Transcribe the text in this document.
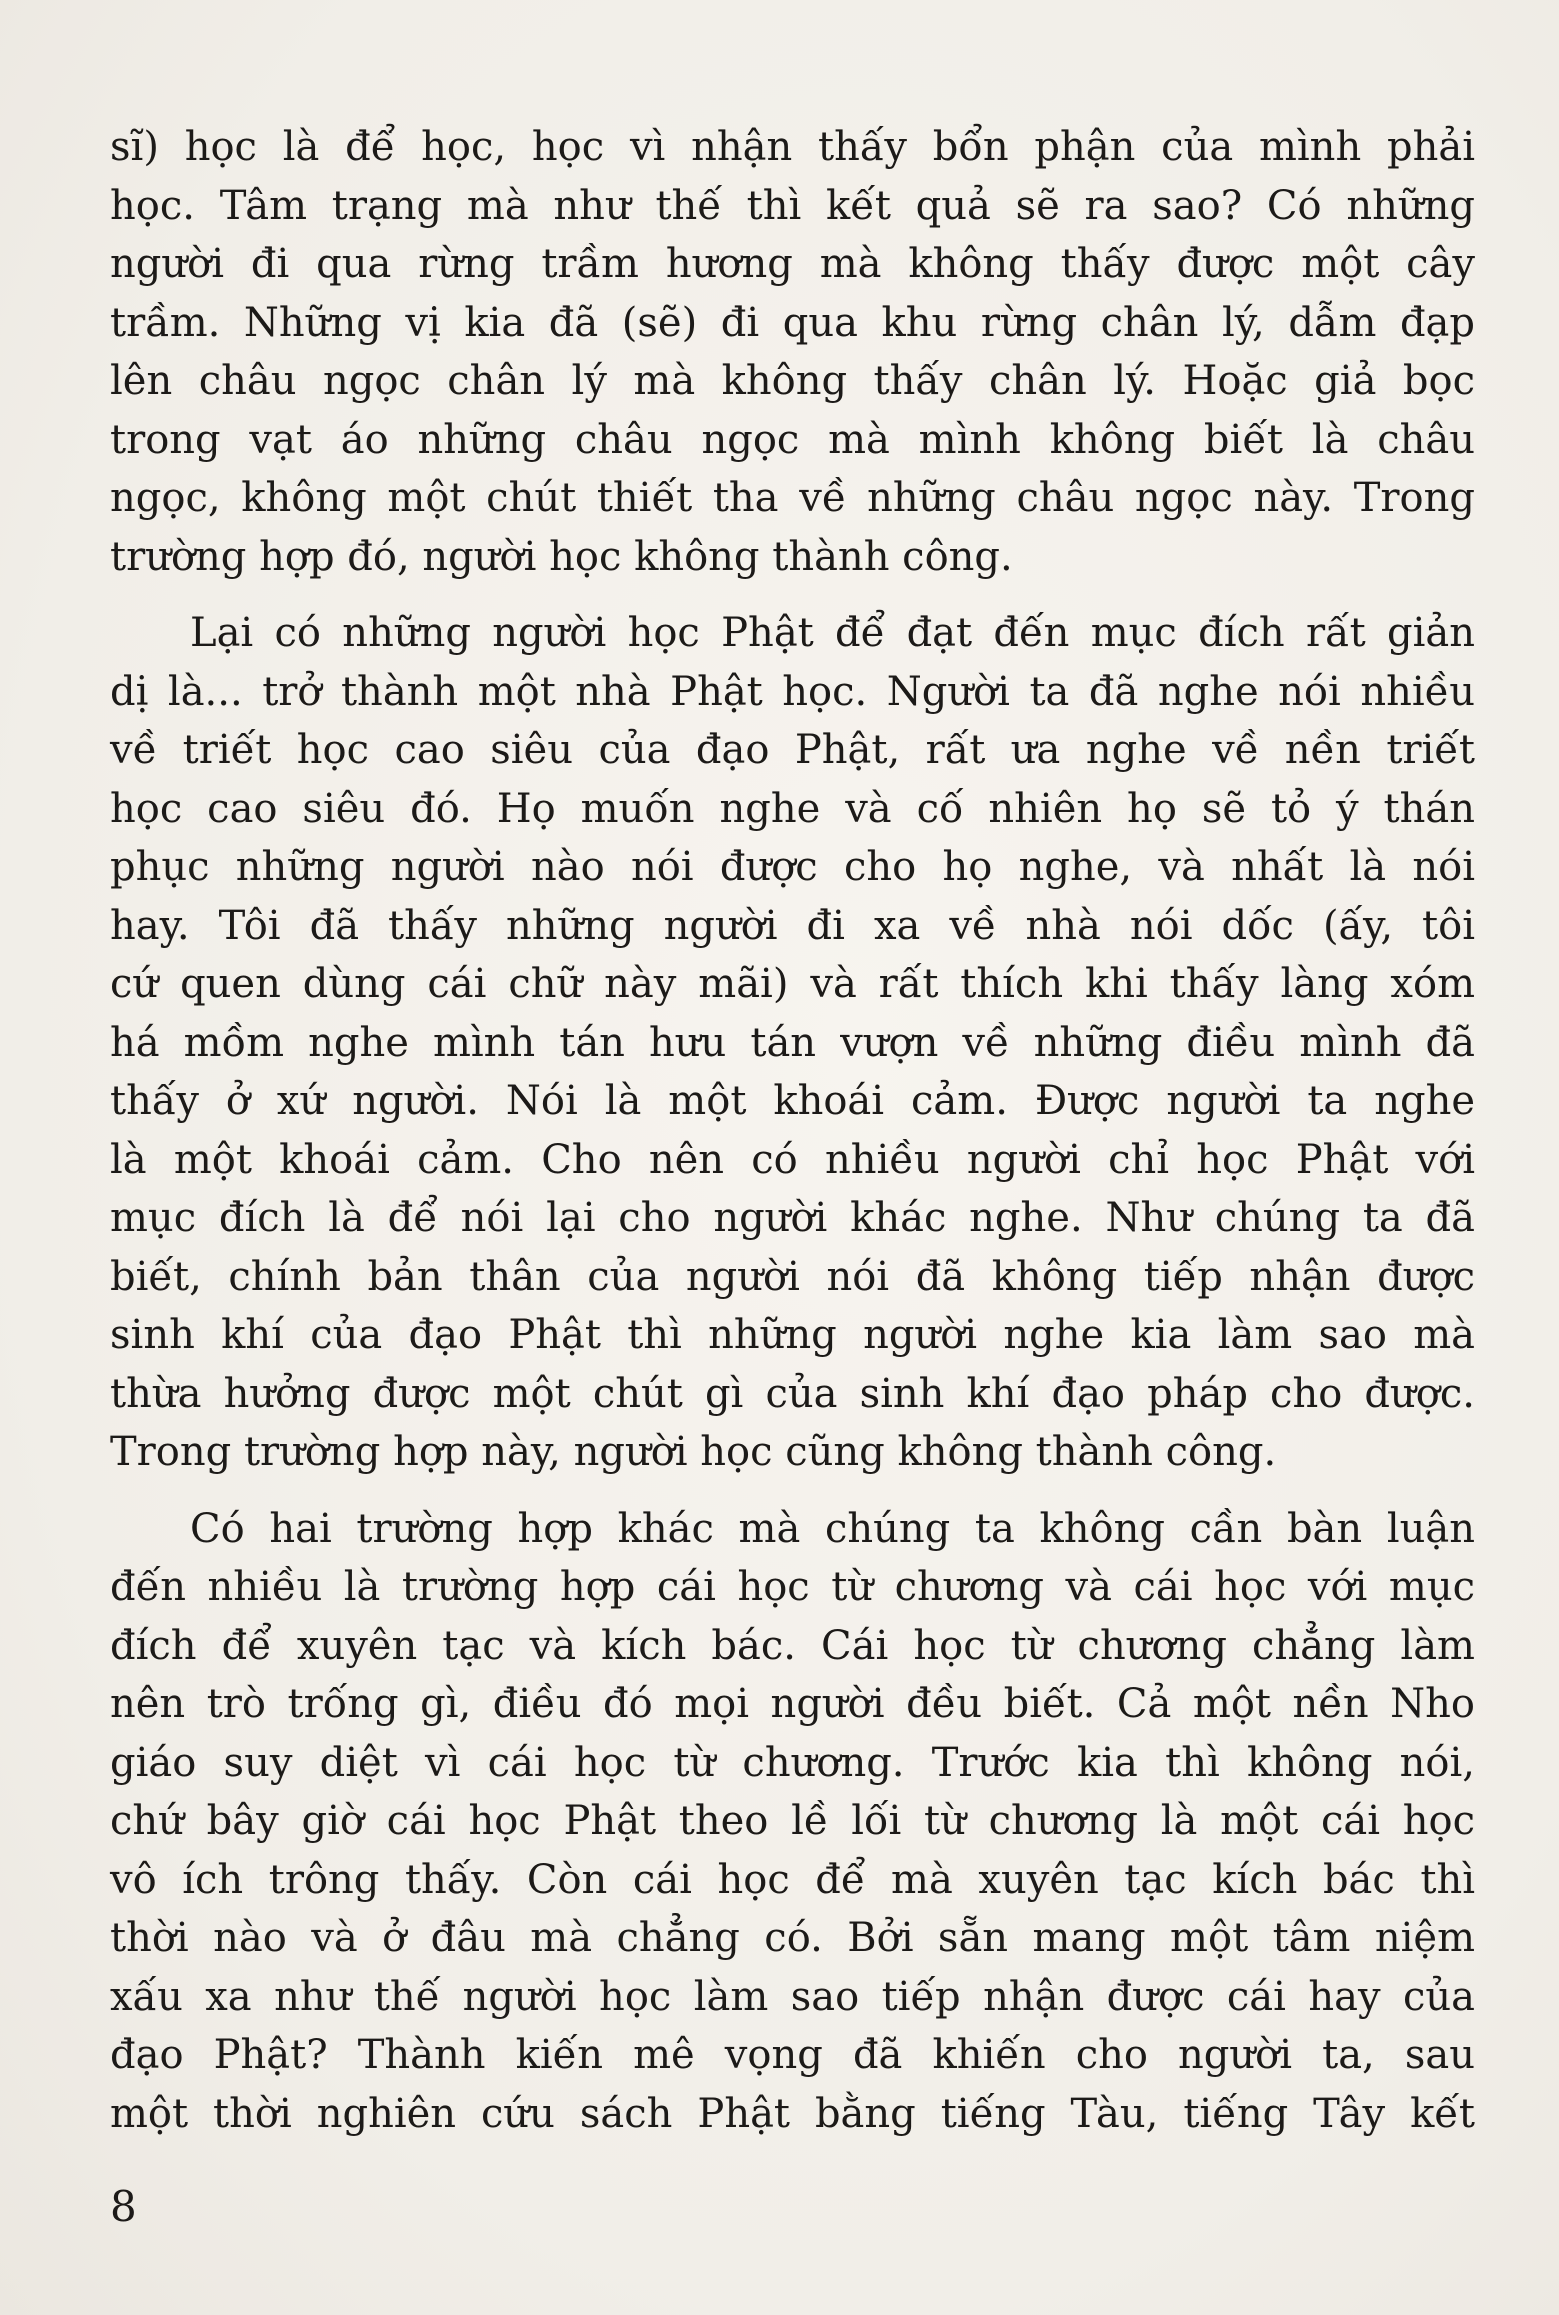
sĩ) học là để học, học vì nhận thấy bổn phận của mình phải
học. Tâm trạng mà như thế thì kết quả sẽ ra sao? Có những
người đi qua rừng trầm hương mà không thấy được một cây
trầm. Những vị kia đã (sẽ) đi qua khu rừng chân lý, dẫm đạp
lên châu ngọc chân lý mà không thấy chân lý. Hoặc giả bọc
trong vạt áo những châu ngọc mà mình không biết là châu
ngọc, không một chút thiết tha về những châu ngọc này. Trong
trường hợp đó, người học không thành công.
Lại có những người học Phật để đạt đến mục đích rất giản
dị là... trở thành một nhà Phật học. Người ta đã nghe nói nhiều
về triết học cao siêu của đạo Phật, rất ưa nghe về nền triết
học cao siêu đó. Họ muốn nghe và cố nhiên họ sẽ tỏ ý thán
phục những người nào nói được cho họ nghe, và nhất là nói
hay. Tôi đã thấy những người đi xa về nhà nói dốc (ấy, tôi
cứ quen dùng cái chữ này mãi) và rất thích khi thấy làng xóm
há mồm nghe mình tán hưu tán vượn về những điều mình đã
thấy ở xứ người. Nói là một khoái cảm. Được người ta nghe
là một khoái cảm. Cho nên có nhiều người chỉ học Phật với
mục đích là để nói lại cho người khác nghe. Như chúng ta đã
biết, chính bản thân của người nói đã không tiếp nhận được
sinh khí của đạo Phật thì những người nghe kia làm sao mà
thừa hưởng được một chút gì của sinh khí đạo pháp cho được.
Trong trường hợp này, người học cũng không thành công.
Có hai trường hợp khác mà chúng ta không cần bàn luận
đến nhiều là trường hợp cái học từ chương và cái học với mục
đích để xuyên tạc và kích bác. Cái học từ chương chẳng làm
nên trò trống gì, điều đó mọi người đều biết. Cả một nền Nho
giáo suy diệt vì cái học từ chương. Trước kia thì không nói,
chứ bây giờ cái học Phật theo lề lối từ chương là một cái học
vô ích trông thấy. Còn cái học để mà xuyên tạc kích bác thì
thời nào và ở đâu mà chẳng có. Bởi sẵn mang một tâm niệm
xấu xa như thế người học làm sao tiếp nhận được cái hay của
đạo Phật? Thành kiến mê vọng đã khiến cho người ta, sau
một thời nghiên cứu sách Phật bằng tiếng Tàu, tiếng Tây kết
8
